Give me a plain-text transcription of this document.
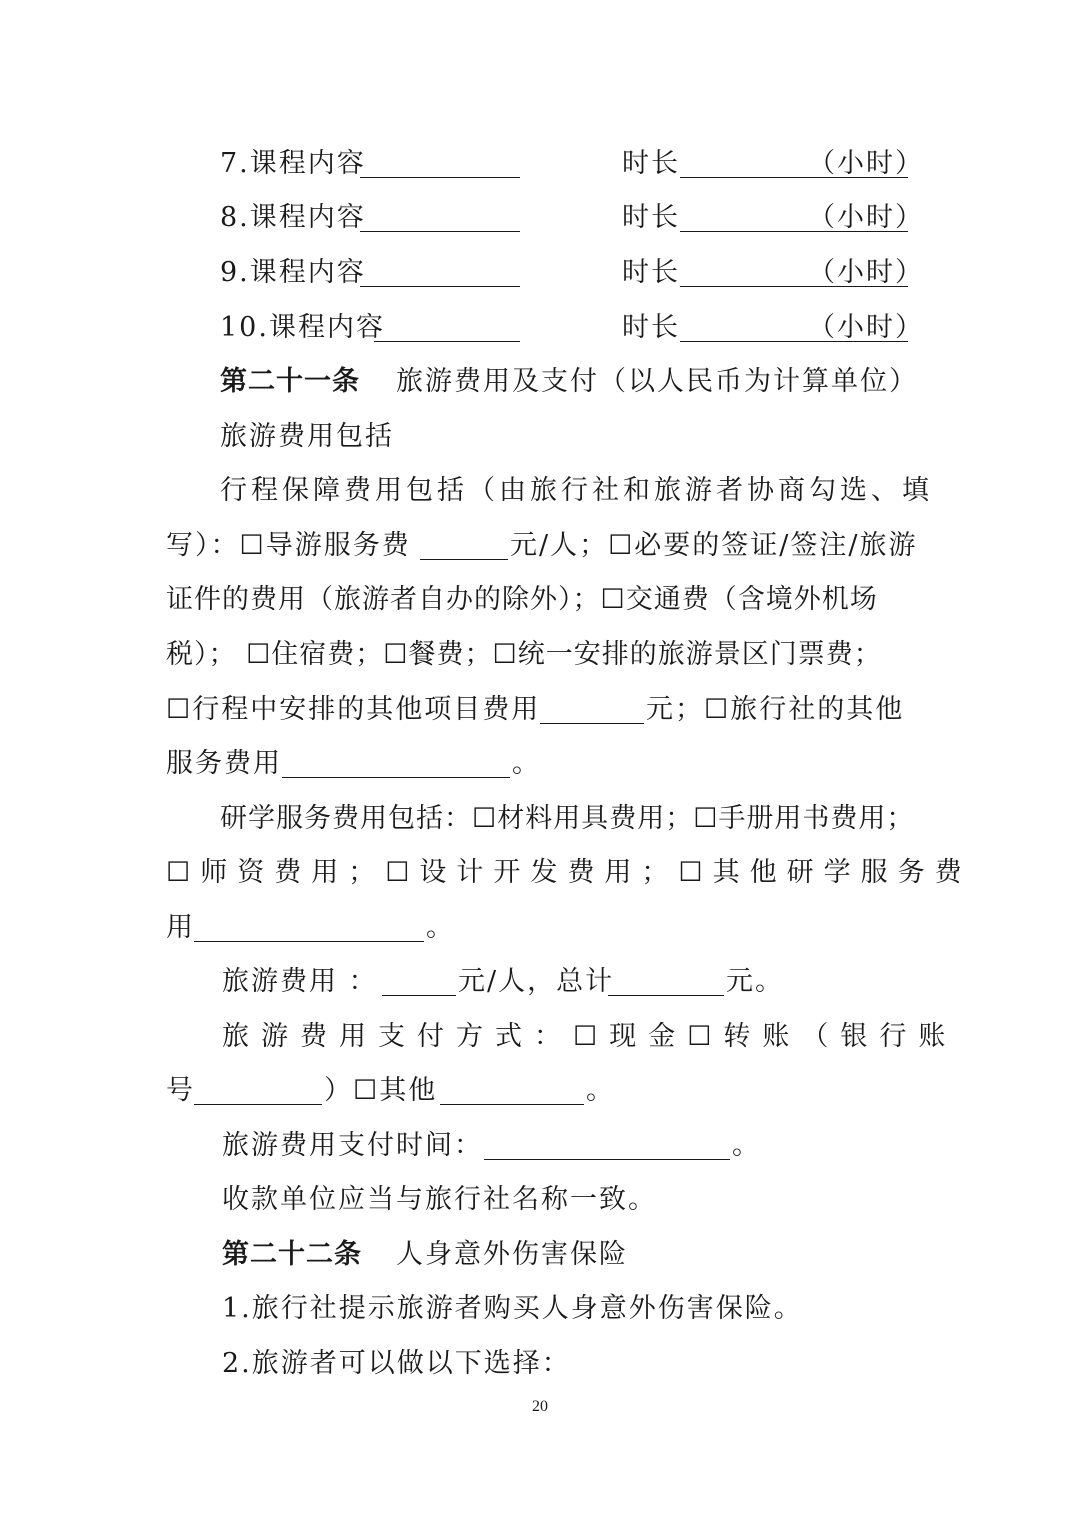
7.课程内容	时长	（小时）
8.课程内容	时长	（小时）
9.课程内容	时长	（小时）
10.课程内容	时长	（小时）
第二十一条 旅游费用及支付（以人民币为计算单位）
旅游费用包括
行程保障费用包括（由旅行社和旅游者协商勾选、填
写）：☐导游服务费	元/人；☐必要的签证/签注/旅游
证件的费用（旅游者自办的除外）；☐交通费（含境外机场
税）； ☐住宿费；☐餐费；☐统一安排的旅游景区门票费；
☐行程中安排的其他项目费用	元；☐旅行社的其他
服务费用	。
研学服务费用包括：☐材料用具费用；☐手册用书费用；
☐师资费用；☐设计开发费用；☐其他研学服务费
用	。
旅游费用 ：	元/人，总计	元。
旅游费用支付方式：☐现金☐转账（银行账
号	）☐其他	。
旅游费用支付时间：	。
收款单位应当与旅行社名称一致。
第二十二条 人身意外伤害保险
1.旅行社提示旅游者购买人身意外伤害保险。
2.旅游者可以做以下选择：
20
